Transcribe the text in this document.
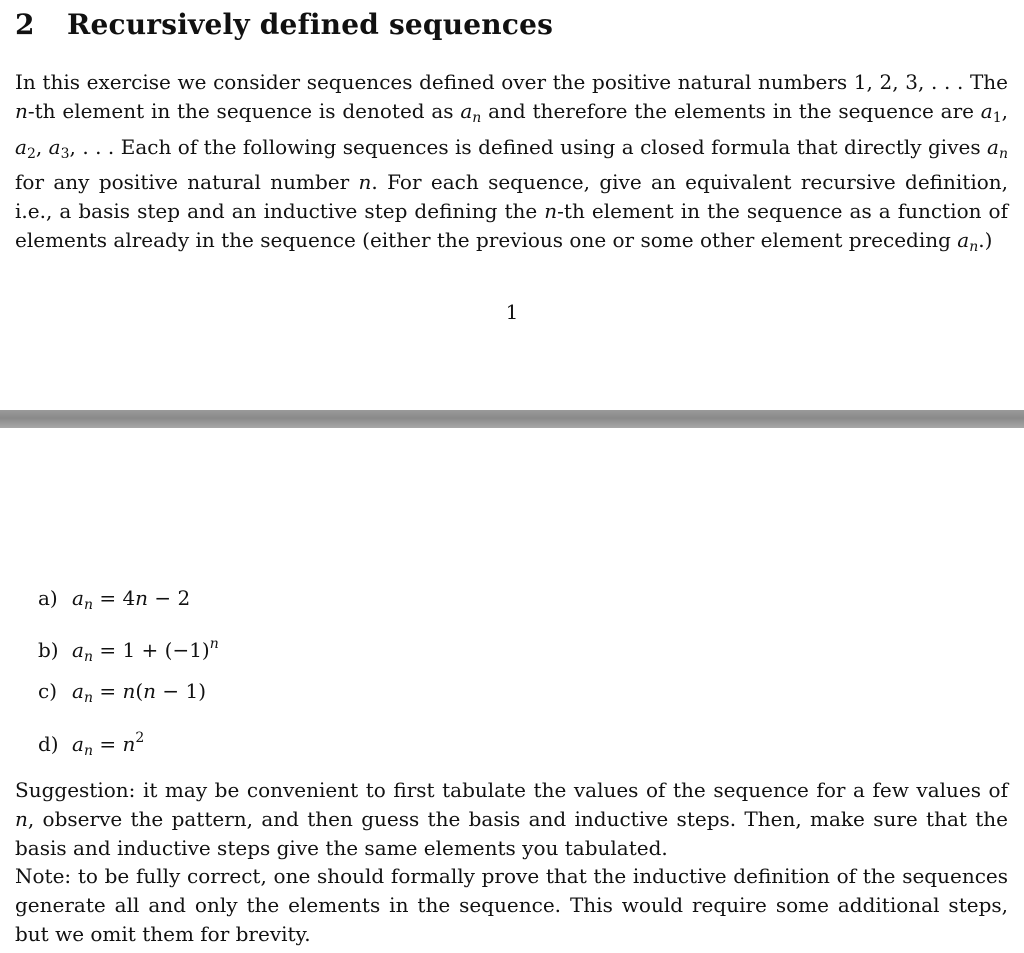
2 Recursively defined sequences
In this exercise we consider sequences defined over the positive natural numbers 1, 2, 3, . . . The n-th element in the sequence is denoted as $a_n$ and therefore the elements in the sequence are $a_1$, $a_2$, $a_3$, . . . Each of the following sequences is defined using a closed formula that directly gives $a_n$ for any positive natural number n. For each sequence, give an equivalent recursive definition, i.e., a basis step and an inductive step defining the n-th element in the sequence as a function of elements already in the sequence (either the previous one or some other element preceding $a_n$.)
1
a) $a_n = 4n - 2$
b) $a_n = 1 + (-1)^n$
c) $a_n = n(n - 1)$
d) $a_n = n^2$
Suggestion: it may be convenient to first tabulate the values of the sequence for a few values of n, observe the pattern, and then guess the basis and inductive steps. Then, make sure that the basis and inductive steps give the same elements you tabulated.
Note: to be fully correct, one should formally prove that the inductive definition of the sequences generate all and only the elements in the sequence. This would require some additional steps, but we omit them for brevity.
